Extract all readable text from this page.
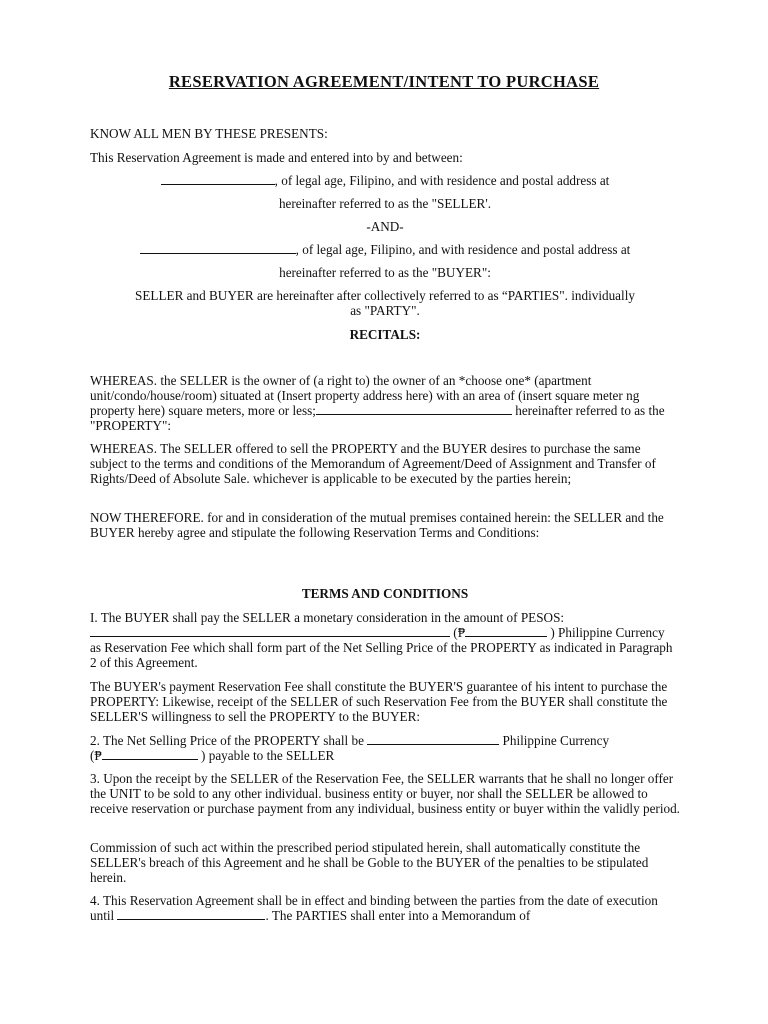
RESERVATION AGREEMENT/INTENT TO PURCHASE
KNOW ALL MEN BY THESE PRESENTS:
This Reservation Agreement is made and entered into by and between:
, of legal age, Filipino, and with residence and postal address at
hereinafter referred to as the "SELLER'.
-AND-
, of legal age, Filipino, and with residence and postal address at
hereinafter referred to as the "BUYER":
SELLER and BUYER are hereinafter after collectively referred to as “PARTIES". individually
as "PARTY".
RECITALS:
WHEREAS. the SELLER is the owner of (a right to) the owner of an *choose one* (apartment unit/condo/house/room) situated at (Insert property address here) with an area of (insert square meter ng property here) square meters, more or less;	hereinafter referred to as the "PROPERTY":
WHEREAS. The SELLER offered to sell the PROPERTY and the BUYER desires to purchase the same subject to the terms and conditions of the Memorandum of Agreement/Deed of Assignment and Transfer of Rights/Deed of Absolute Sale. whichever is applicable to be executed by the parties herein;
NOW THEREFORE. for and in consideration of the mutual premises contained herein: the SELLER and the BUYER hereby agree and stipulate the following Reservation Terms and Conditions:
TERMS AND CONDITIONS
I. The BUYER shall pay the SELLER a monetary consideration in the amount of PESOS:
(₱	) Philippine Currency
as Reservation Fee which shall form part of the Net Selling Price of the PROPERTY as indicated in Paragraph 2 of this Agreement.
The BUYER's payment Reservation Fee shall constitute the BUYER'S guarantee of his intent to purchase the PROPERTY: Likewise, receipt of the SELLER of such Reservation Fee from the BUYER shall constitute the SELLER'S willingness to sell the PROPERTY to the BUYER:
2. The Net Selling Price of the PROPERTY shall be	Philippine Currency
(₱	) payable to the SELLER
3. Upon the receipt by the SELLER of the Reservation Fee, the SELLER warrants that he shall no longer offer the UNIT to be sold to any other individual. business entity or buyer, nor shall the SELLER be allowed to receive reservation or purchase payment from any individual, business entity or buyer within the validly period.
Commission of such act within the prescribed period stipulated herein, shall automatically constitute the SELLER's breach of this Agreement and he shall be Goble to the BUYER of the penalties to be stipulated herein.
4. This Reservation Agreement shall be in effect and binding between the parties from the date of execution until	. The PARTIES shall enter into a Memorandum of
